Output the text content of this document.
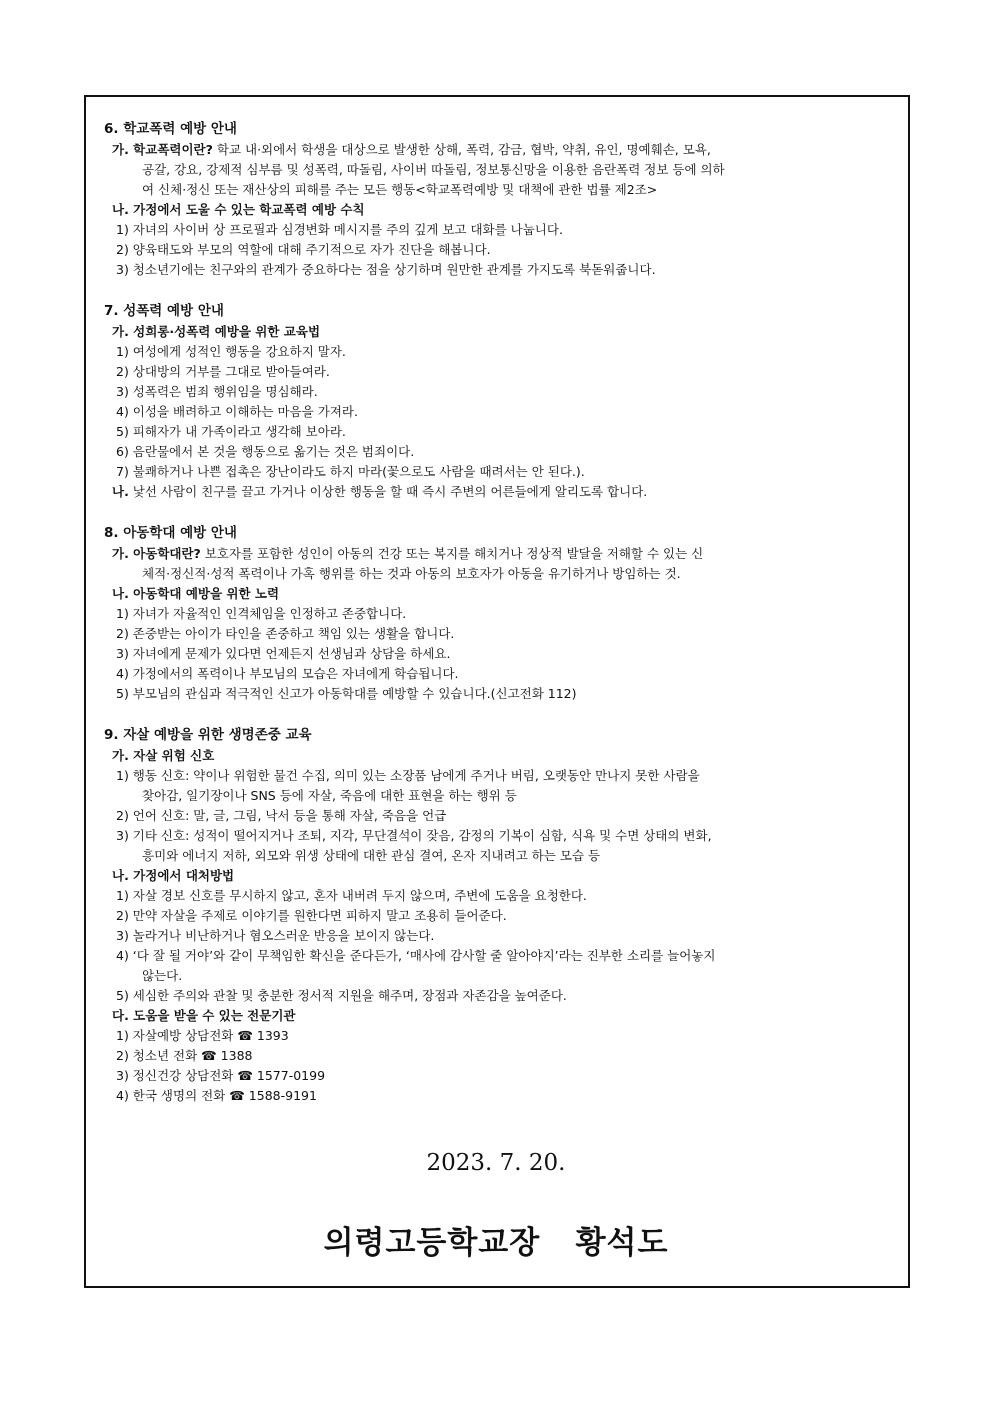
6. 학교폭력 예방 안내
가. 학교폭력이란? 학교 내·외에서 학생을 대상으로 발생한 상해, 폭력, 감금, 협박, 약취, 유인, 명예훼손, 모욕,
공갈, 강요, 강제적 심부름 및 성폭력, 따돌림, 사이버 따돌림, 정보통신망을 이용한 음란폭력 정보 등에 의하
여 신체·정신 또는 재산상의 피해를 주는 모든 행동<학교폭력예방 및 대책에 관한 법률 제2조>
나. 가정에서 도울 수 있는 학교폭력 예방 수칙
1) 자녀의 사이버 상 프로필과 심경변화 메시지를 주의 깊게 보고 대화를 나눕니다.
2) 양육태도와 부모의 역할에 대해 주기적으로 자가 진단을 해봅니다.
3) 청소년기에는 친구와의 관계가 중요하다는 점을 상기하며 원만한 관계를 가지도록 북돋워줍니다.
7. 성폭력 예방 안내
가. 성희롱·성폭력 예방을 위한 교육법
1) 여성에게 성적인 행동을 강요하지 말자.
2) 상대방의 거부를 그대로 받아들여라.
3) 성폭력은 범죄 행위임을 명심해라.
4) 이성을 배려하고 이해하는 마음을 가져라.
5) 피해자가 내 가족이라고 생각해 보아라.
6) 음란물에서 본 것을 행동으로 옮기는 것은 범죄이다.
7) 불쾌하거나 나쁜 접촉은 장난이라도 하지 마라(꽃으로도 사람을 때려서는 안 된다.).
나. 낯선 사람이 친구를 끌고 가거나 이상한 행동을 할 때 즉시 주변의 어른들에게 알리도록 합니다.
8. 아동학대 예방 안내
가. 아동학대란? 보호자를 포함한 성인이 아동의 건강 또는 복지를 해치거나 정상적 발달을 저해할 수 있는 신
체적·정신적·성적 폭력이나 가혹 행위를 하는 것과 아동의 보호자가 아동을 유기하거나 방임하는 것.
나. 아동학대 예방을 위한 노력
1) 자녀가 자율적인 인격체임을 인정하고 존중합니다.
2) 존중받는 아이가 타인을 존중하고 책임 있는 생활을 합니다.
3) 자녀에게 문제가 있다면 언제든지 선생님과 상담을 하세요.
4) 가정에서의 폭력이나 부모님의 모습은 자녀에게 학습됩니다.
5) 부모님의 관심과 적극적인 신고가 아동학대를 예방할 수 있습니다.(신고전화 112)
9. 자살 예방을 위한 생명존중 교육
가. 자살 위험 신호
1) 행동 신호: 약이나 위험한 물건 수집, 의미 있는 소장품 남에게 주거나 버림, 오랫동안 만나지 못한 사람을
찾아감, 일기장이나 SNS 등에 자살, 죽음에 대한 표현을 하는 행위 등
2) 언어 신호: 말, 글, 그림, 낙서 등을 통해 자살, 죽음을 언급
3) 기타 신호: 성적이 떨어지거나 조퇴, 지각, 무단결석이 잦음, 감정의 기복이 심함, 식욕 및 수면 상태의 변화,
흥미와 에너지 저하, 외모와 위생 상태에 대한 관심 결여, 온자 지내려고 하는 모습 등
나. 가정에서 대처방법
1) 자살 경보 신호를 무시하지 않고, 혼자 내버려 두지 않으며, 주변에 도움을 요청한다.
2) 만약 자살을 주제로 이야기를 원한다면 피하지 말고 조용히 들어준다.
3) 놀라거나 비난하거나 혐오스러운 반응을 보이지 않는다.
4) ‘다 잘 될 거야’와 같이 무책임한 확신을 준다든가, ‘매사에 감사할 줄 알아야지’라는 진부한 소리를 늘어놓지
않는다.
5) 세심한 주의와 관찰 및 충분한 정서적 지원을 해주며, 장점과 자존감을 높여준다.
다. 도움을 받을 수 있는 전문기관
1) 자살예방 상담전화 ☎ 1393
2) 청소년 전화 ☎ 1388
3) 정신건강 상담전화 ☎ 1577-0199
4) 한국 생명의 전화 ☎ 1588-9191
2023. 7. 20.
의령고등학교장 황석도
